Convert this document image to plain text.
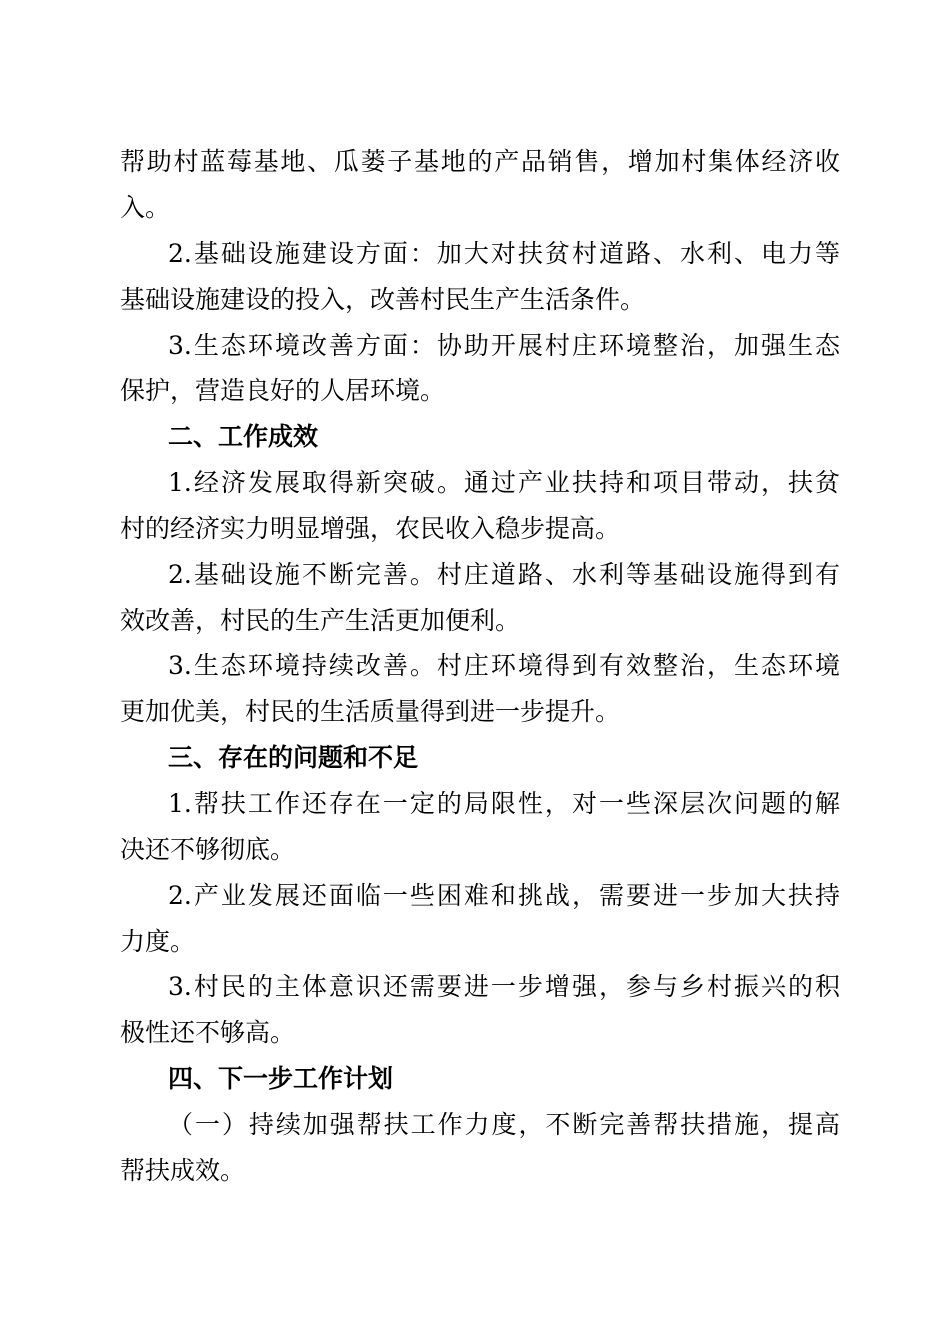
帮助村蓝莓基地、瓜蒌子基地的产品销售，增加村集体经济收
入。
2.基础设施建设方面：加大对扶贫村道路、水利、电力等
基础设施建设的投入，改善村民生产生活条件。
3.生态环境改善方面：协助开展村庄环境整治，加强生态
保护，营造良好的人居环境。
二、工作成效
1.经济发展取得新突破。通过产业扶持和项目带动，扶贫
村的经济实力明显增强，农民收入稳步提高。
2.基础设施不断完善。村庄道路、水利等基础设施得到有
效改善，村民的生产生活更加便利。
3.生态环境持续改善。村庄环境得到有效整治，生态环境
更加优美，村民的生活质量得到进一步提升。
三、存在的问题和不足
1.帮扶工作还存在一定的局限性，对一些深层次问题的解
决还不够彻底。
2.产业发展还面临一些困难和挑战，需要进一步加大扶持
力度。
3.村民的主体意识还需要进一步增强，参与乡村振兴的积
极性还不够高。
四、下一步工作计划
（一）持续加强帮扶工作力度，不断完善帮扶措施，提高
帮扶成效。
